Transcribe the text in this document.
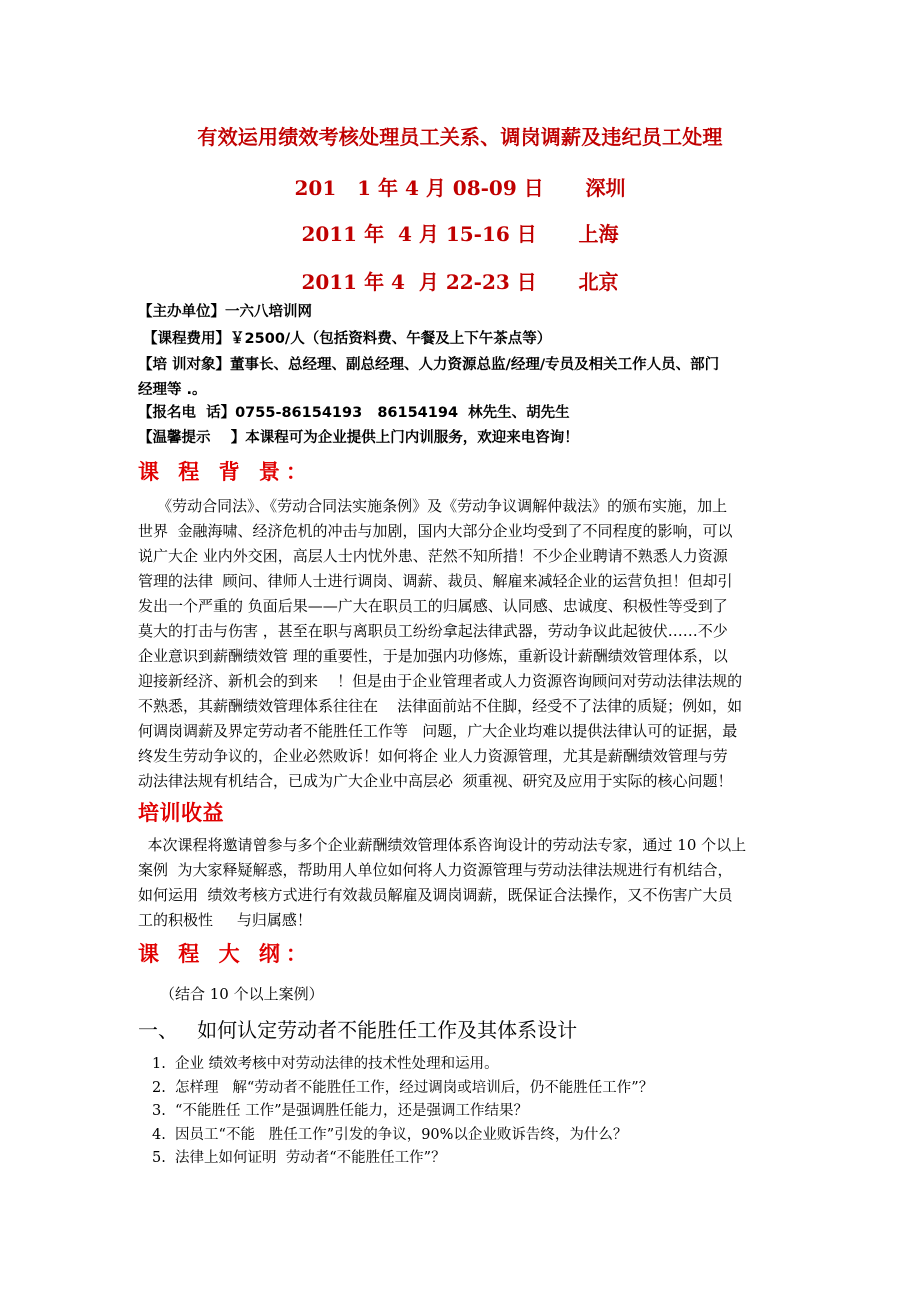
有效运用绩效考核处理员工关系、调岗调薪及违纪员工处理
201   1 年 4 月 08-09 日      深圳
2011 年  4 月 15-16 日      上海
2011 年 4  月 22-23 日      北京
【主办单位】一六八培训网
【课程费用】￥2500/人（包括资料费、午餐及上下午茶点等）
【培 训对象】董事长、总经理、副总经理、人力资源总监/经理/专员及相关工作人员、部门
经理等 .。
【报名电  话】0755-86154193   86154194  林先生、胡先生
【温馨提示    】本课程可为企业提供上门内训服务，欢迎来电咨询！
课 程 背 景：
《劳动合同法》、《劳动合同法实施条例》及《劳动争议调解仲裁法》的颁布实施，加上
世界  金融海啸、经济危机的冲击与加剧，国内大部分企业均受到了不同程度的影响，可以
说广大企 业内外交困，高层人士内忧外患、茫然不知所措！不少企业聘请不熟悉人力资源
管理的法律  顾问、律师人士进行调岗、调薪、裁员、解雇来减轻企业的运营负担！但却引
发出一个严重的 负面后果——广大在职员工的归属感、认同感、忠诚度、积极性等受到了
莫大的打击与伤害 ，甚至在职与离职员工纷纷拿起法律武器，劳动争议此起彼伏……不少
企业意识到薪酬绩效管 理的重要性，于是加强内功修炼，重新设计薪酬绩效管理体系，以
迎接新经济、新机会的到来    ！但是由于企业管理者或人力资源咨询顾问对劳动法律法规的
不熟悉，其薪酬绩效管理体系往往在    法律面前站不住脚，经受不了法律的质疑；例如，如
何调岗调薪及界定劳动者不能胜任工作等   问题，广大企业均难以提供法律认可的证据，最
终发生劳动争议的，企业必然败诉！如何将企 业人力资源管理，尤其是薪酬绩效管理与劳
动法律法规有机结合，已成为广大企业中高层必  须重视、研究及应用于实际的核心问题！
培训收益
本次课程将邀请曾参与多个企业薪酬绩效管理体系咨询设计的劳动法专家，通过 10 个以上
案例  为大家释疑解惑，帮助用人单位如何将人力资源管理与劳动法律法规进行有机结合，
如何运用  绩效考核方式进行有效裁员解雇及调岗调薪，既保证合法操作，又不伤害广大员
工的积极性     与归属感！
课 程 大 纲：
（结合 10 个以上案例）
一、   如何认定劳动者不能胜任工作及其体系设计
1.  企业 绩效考核中对劳动法律的技术性处理和运用。
2.  怎样理   解“劳动者不能胜任工作，经过调岗或培训后，仍不能胜任工作”？
3.  “不能胜任 工作”是强调胜任能力，还是强调工作结果？
4.  因员工“不能   胜任工作”引发的争议，90%以企业败诉告终，为什么？
5.  法律上如何证明  劳动者“不能胜任工作”？
